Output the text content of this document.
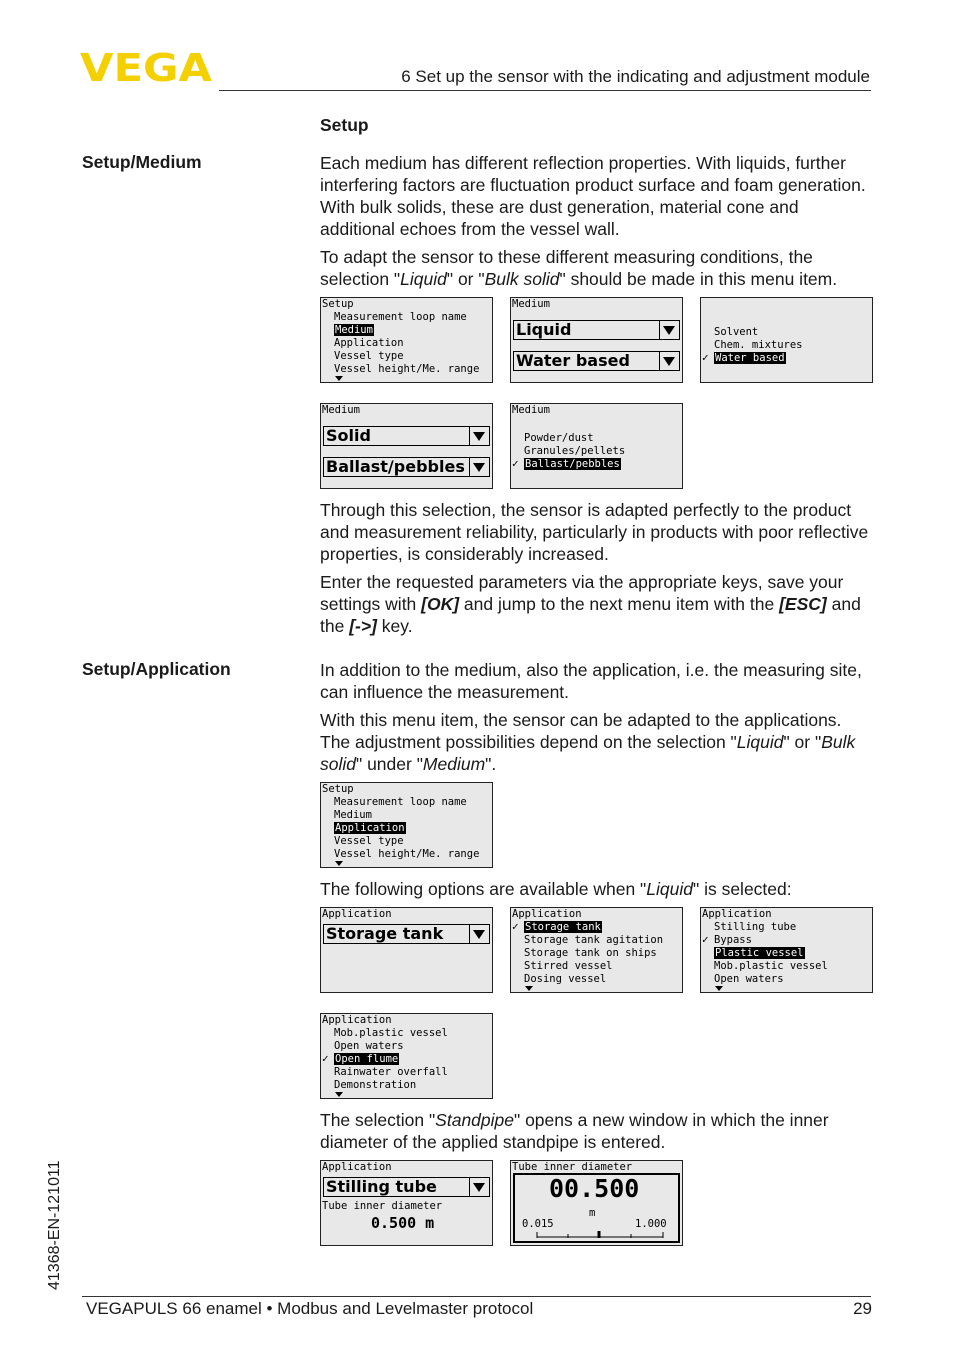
VEGA	6 Set up the sensor with the indicating and adjustment module
Setup
Setup/Medium	Each medium has different reflection properties. With liquids, further interfering factors are fluctuation product surface and foam generation. With bulk solids, these are dust generation, material cone and additional echoes from the vessel wall.

To adapt the sensor to these different measuring conditions, the selection "Liquid" or "Bulk solid" should be made in this menu item.

Setup
Measurement loop name
Medium
Application
Vessel type
Vessel height/Me. range
Medium
Liquid
Water based
Solvent
Chem. mixtures
✓ Water based
Medium
Solid
Ballast/pebbles
Medium
Powder/dust
Granules/pellets
✓ Ballast/pebbles

Through this selection, the sensor is adapted perfectly to the product and measurement reliability, particularly in products with poor reflective properties, is considerably increased.

Enter the requested parameters via the appropriate keys, save your settings with [OK] and jump to the next menu item with the [ESC] and the [->] key.

Setup/Application	In addition to the medium, also the application, i.e. the measuring site, can influence the measurement.

With this menu item, the sensor can be adapted to the applications. The adjustment possibilities depend on the selection "Liquid" or "Bulk solid" under "Medium".

Setup
Measurement loop name
Medium
Application
Vessel type
Vessel height/Me. range

The following options are available when "Liquid" is selected:

Application
Storage tank
Application
✓ Storage tank
Storage tank agitation
Storage tank on ships
Stirred vessel
Dosing vessel
Application
Stilling tube
✓ Bypass
Plastic vessel
Mob.plastic vessel
Open waters
Application
Mob.plastic vessel
Open waters
✓ Open flume
Rainwater overfall
Demonstration

The selection "Standpipe" opens a new window in which the inner diameter of the applied standpipe is entered.

Application
Stilling tube
Tube inner diameter
0.500 m
Tube inner diameter
00.500
m
0.015	1.000
41368-EN-121011
VEGAPULS 66 enamel • Modbus and Levelmaster protocol	29
